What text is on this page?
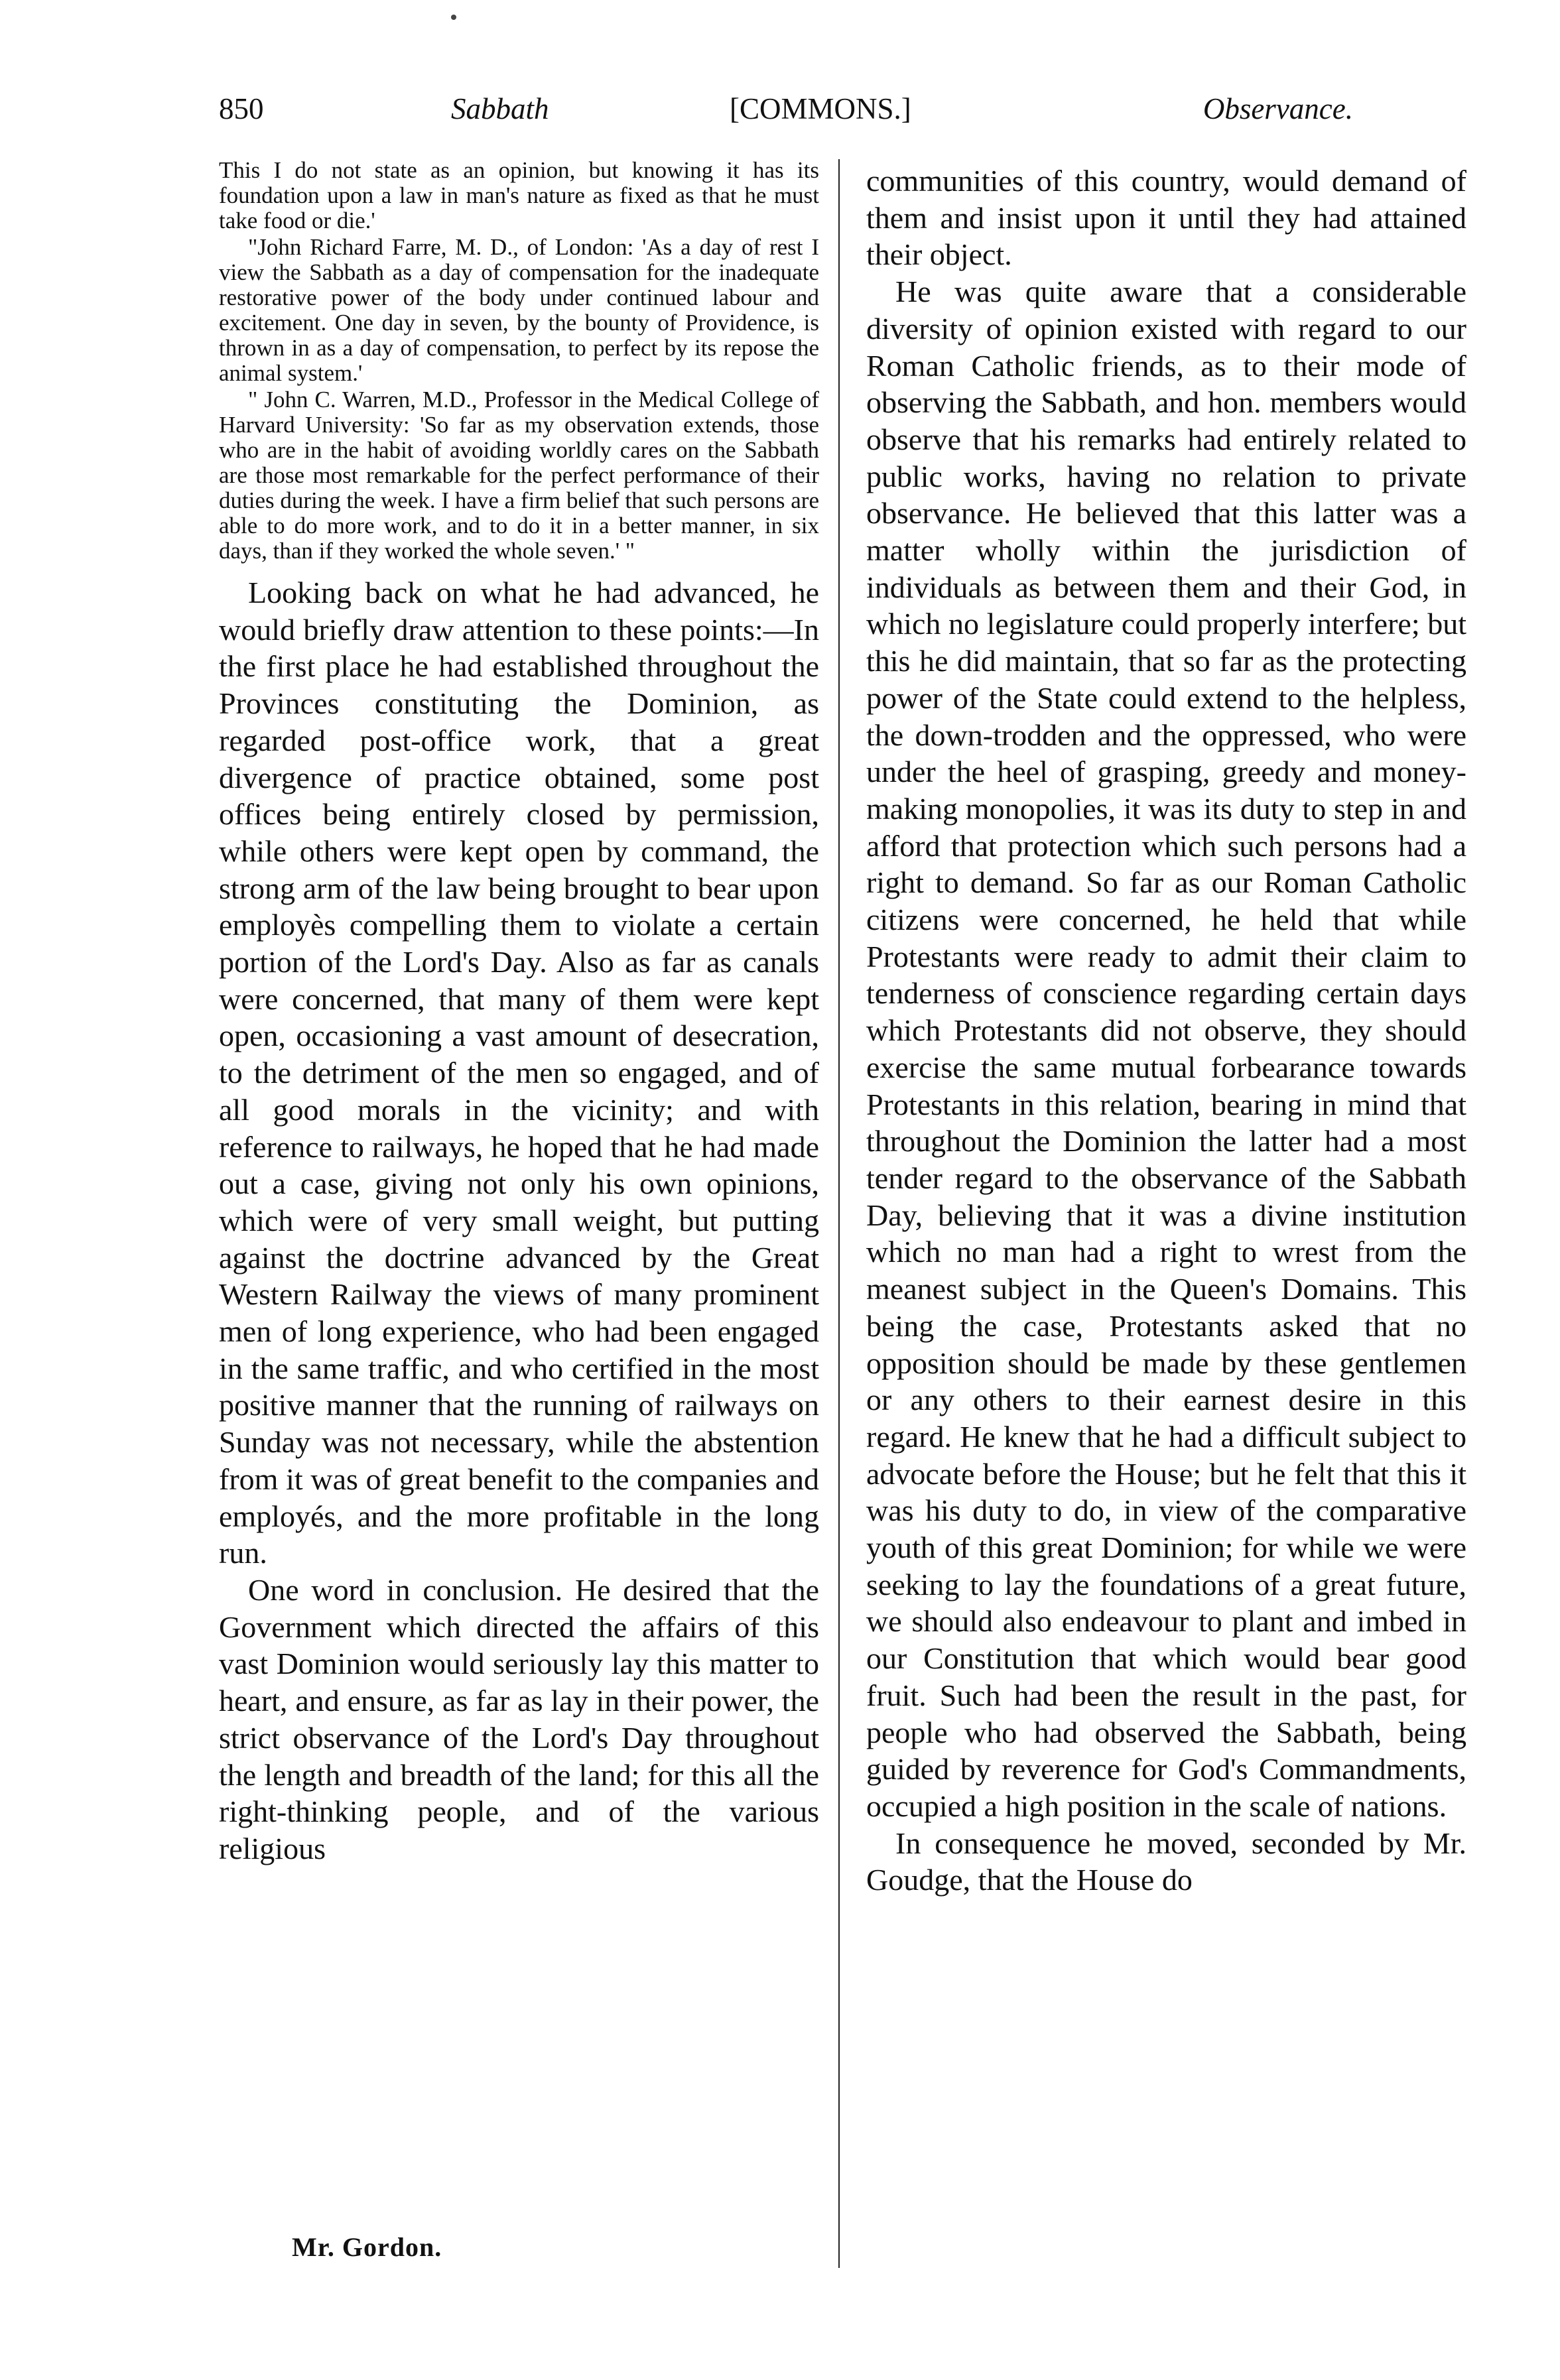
850	Sabbath	[COMMONS.]	Observance.

This I do not state as an opinion, but knowing it has its foundation upon a law in man's nature as fixed as that he must take food or die.'

"John Richard Farre, M. D., of London: 'As a day of rest I view the Sabbath as a day of compensation for the inadequate restorative power of the body under continued labour and excitement. One day in seven, by the bounty of Providence, is thrown in as a day of compensation, to perfect by its repose the animal system.'

" John C. Warren, M.D., Professor in the Medical College of Harvard University: 'So far as my observation extends, those who are in the habit of avoiding worldly cares on the Sabbath are those most remarkable for the perfect performance of their duties during the week. I have a firm belief that such persons are able to do more work, and to do it in a better manner, in six days, than if they worked the whole seven.' "

Looking back on what he had advanced, he would briefly draw attention to these points:—In the first place he had established throughout the Provinces constituting the Dominion, as regarded post-office work, that a great divergence of practice obtained, some post offices being entirely closed by permission, while others were kept open by command, the strong arm of the law being brought to bear upon employès compelling them to violate a certain portion of the Lord's Day. Also as far as canals were concerned, that many of them were kept open, occasioning a vast amount of desecration, to the detriment of the men so engaged, and of all good morals in the vicinity; and with reference to railways, he hoped that he had made out a case, giving not only his own opinions, which were of very small weight, but putting against the doctrine advanced by the Great Western Railway the views of many prominent men of long experience, who had been engaged in the same traffic, and who certified in the most positive manner that the running of railways on Sunday was not necessary, while the abstention from it was of great benefit to the companies and employés, and the more profitable in the long run.

One word in conclusion. He desired that the Government which directed the affairs of this vast Dominion would seriously lay this matter to heart, and ensure, as far as lay in their power, the strict observance of the Lord's Day throughout the length and breadth of the land; for this all the right-thinking people, and of the various religious

communities of this country, would demand of them and insist upon it until they had attained their object.

He was quite aware that a considerable diversity of opinion existed with regard to our Roman Catholic friends, as to their mode of observing the Sabbath, and hon. members would observe that his remarks had entirely related to public works, having no relation to private observance. He believed that this latter was a matter wholly within the jurisdiction of individuals as between them and their God, in which no legislature could properly interfere; but this he did maintain, that so far as the protecting power of the State could extend to the helpless, the down-trodden and the oppressed, who were under the heel of grasping, greedy and money-making monopolies, it was its duty to step in and afford that protection which such persons had a right to demand. So far as our Roman Catholic citizens were concerned, he held that while Protestants were ready to admit their claim to tenderness of conscience regarding certain days which Protestants did not observe, they should exercise the same mutual forbearance towards Protestants in this relation, bearing in mind that throughout the Dominion the latter had a most tender regard to the observance of the Sabbath Day, believing that it was a divine institution which no man had a right to wrest from the meanest subject in the Queen's Domains. This being the case, Protestants asked that no opposition should be made by these gentlemen or any others to their earnest desire in this regard. He knew that he had a difficult subject to advocate before the House; but he felt that this it was his duty to do, in view of the comparative youth of this great Dominion; for while we were seeking to lay the foundations of a great future, we should also endeavour to plant and imbed in our Constitution that which would bear good fruit. Such had been the result in the past, for people who had observed the Sabbath, being guided by reverence for God's Commandments, occupied a high position in the scale of nations.

In consequence he moved, seconded by Mr. Goudge, that the House do

Mr. Gordon.
